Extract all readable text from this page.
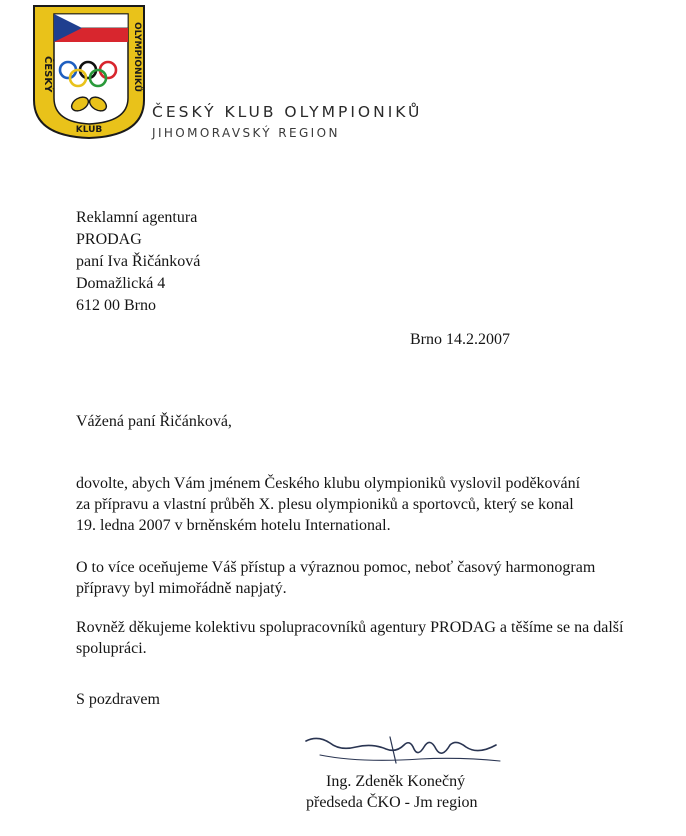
ČESKÝ	OLYMPIONIKŮ
KLUB
ČESKÝ KLUB OLYMPIONIKŮ
JIHOMORAVSKÝ REGION
Reklamní agentura
PRODAG
paní Iva Řičánková
Domažlická 4
612 00 Brno
Brno 14.2.2007
Vážená paní Řičánková,
dovolte, abych Vám jménem Českého klubu olympioniků vyslovil poděkování
za přípravu a vlastní průběh X. plesu olympioniků a sportovců, který se konal
19. ledna 2007 v brněnském hotelu International.
O to více oceňujeme Váš přístup a výraznou pomoc, neboť časový harmonogram
přípravy byl mimořádně napjatý.
Rovněž děkujeme kolektivu spolupracovníků agentury PRODAG a těšíme se na další
spolupráci.
S pozdravem
Ing. Zdeněk Konečný
předseda ČKO - Jm region
